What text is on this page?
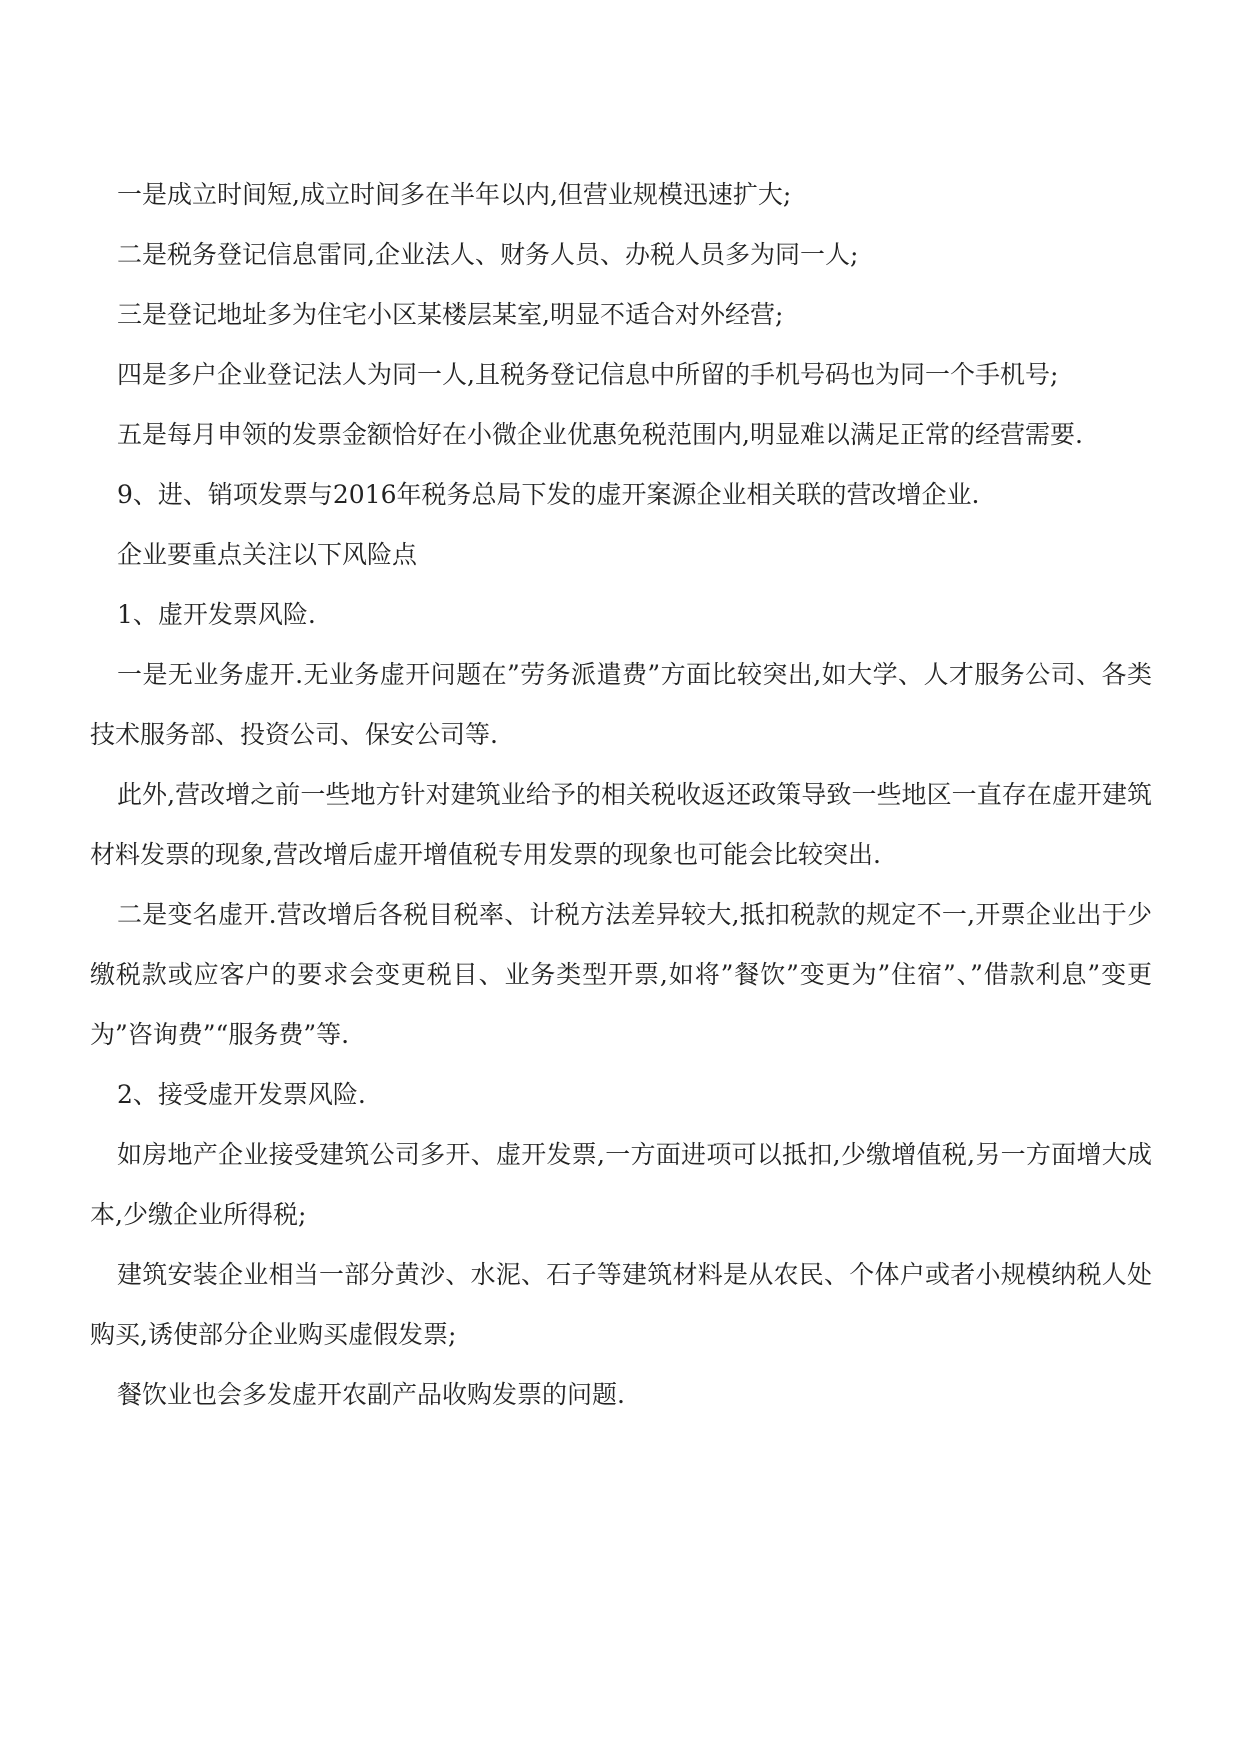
一是成立时间短,成立时间多在半年以内,但营业规模迅速扩大;

二是税务登记信息雷同,企业法人、财务人员、办税人员多为同一人;

三是登记地址多为住宅小区某楼层某室,明显不适合对外经营;

四是多户企业登记法人为同一人,且税务登记信息中所留的手机号码也为同一个手机号;

五是每月申领的发票金额恰好在小微企业优惠免税范围内,明显难以满足正常的经营需要.

9、进、销项发票与2016年税务总局下发的虚开案源企业相关联的营改增企业.

企业要重点关注以下风险点

1、虚开发票风险.

一是无业务虚开.无业务虚开问题在”劳务派遣费”方面比较突出,如大学、人才服务公司、各类技术服务部、投资公司、保安公司等.

此外,营改增之前一些地方针对建筑业给予的相关税收返还政策导致一些地区一直存在虚开建筑材料发票的现象,营改增后虚开增值税专用发票的现象也可能会比较突出.

二是变名虚开.营改增后各税目税率、计税方法差异较大,抵扣税款的规定不一,开票企业出于少缴税款或应客户的要求会变更税目、业务类型开票,如将”餐饮”变更为”住宿”、”借款利息”变更为”咨询费”“服务费”等.

2、接受虚开发票风险.

如房地产企业接受建筑公司多开、虚开发票,一方面进项可以抵扣,少缴增值税,另一方面增大成本,少缴企业所得税;

建筑安装企业相当一部分黄沙、水泥、石子等建筑材料是从农民、个体户或者小规模纳税人处购买,诱使部分企业购买虚假发票;

餐饮业也会多发虚开农副产品收购发票的问题.
